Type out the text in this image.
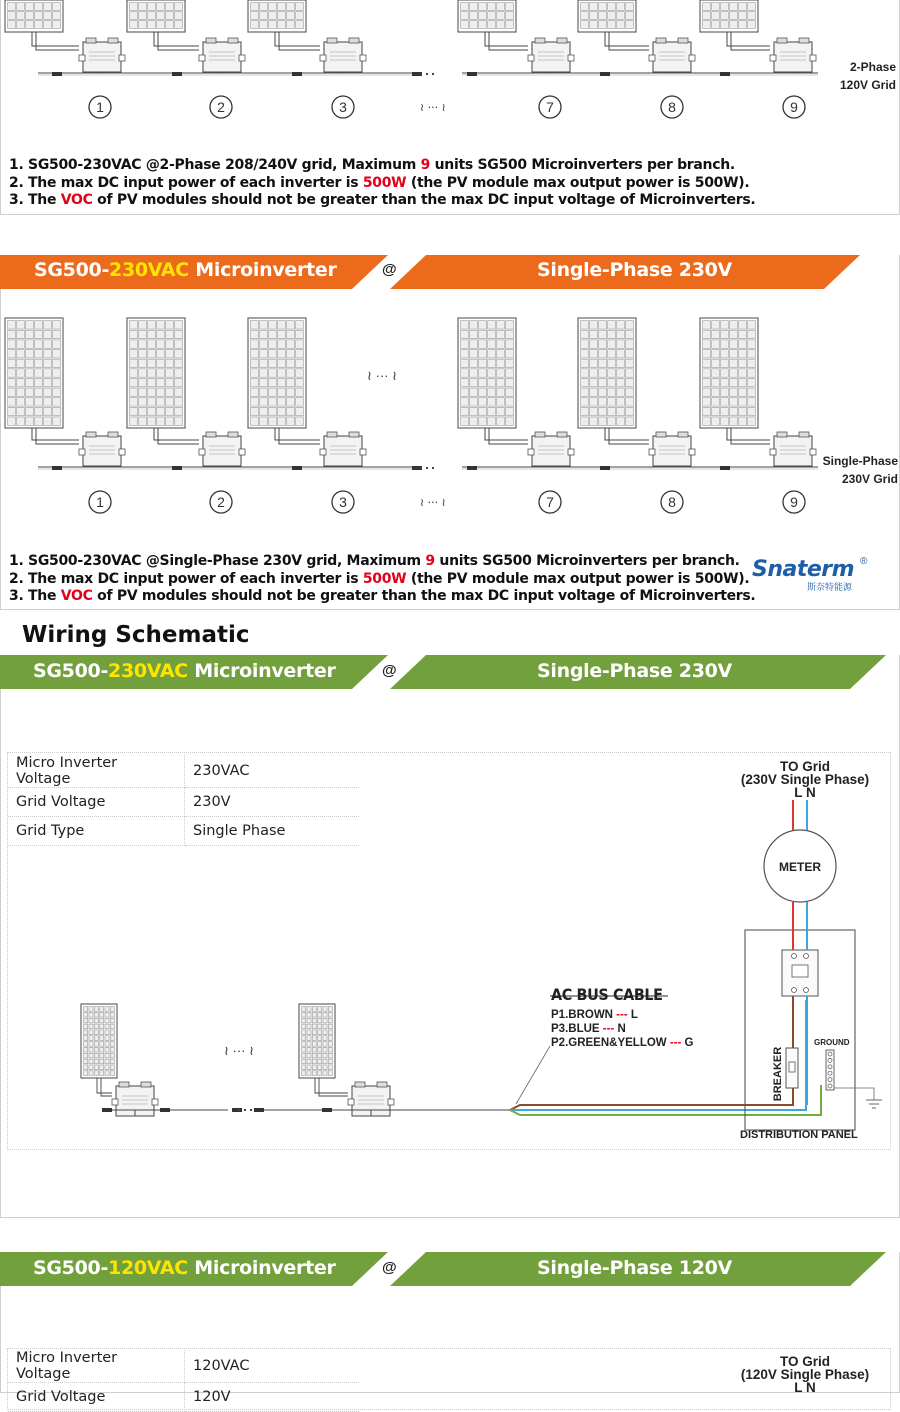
1	2	3	7	8	9
≀ ··· ≀
2-Phase
120V Grid
1. SG500-230VAC @2-Phase 208/240V grid, Maximum 9 units SG500 Microinverters per branch.
2. The max DC input power of each inverter is 500W (the PV module max output power is 500W).
3. The VOC of PV modules should not be greater than the max DC input voltage of Microinverters.
SG500-230VAC Microinverter	@	Single-Phase 230V
1	2	3	7	8	9
≀ ··· ≀
≀ ··· ≀
Single-Phase
230V Grid
1. SG500-230VAC @Single-Phase 230V grid, Maximum 9 units SG500 Microinverters per branch.
2. The max DC input power of each inverter is 500W (the PV module max output power is 500W).
3. The VOC of PV modules should not be greater than the max DC input voltage of Microinverters.
Snaterm
斯奈特能源
®
Wiring Schematic
SG500-230VAC Microinverter	@	Single-Phase 230V
Micro Inverter Voltage	230VAC
Grid Voltage	230V
Grid Type	Single Phase
TO Grid
(230V Single Phase)
L N
METER
AC BUS CABLE
P1.BROWN --- L
P3.BLUE --- N
P2.GREEN&YELLOW --- G	GROUND
BREAKER
DISTRIBUTION PANEL
≀ ··· ≀
SG500-120VAC Microinverter	@	Single-Phase 120V
Micro Inverter Voltage	120VAC
Grid Voltage	120V
TO Grid
(120V Single Phase)
L N
